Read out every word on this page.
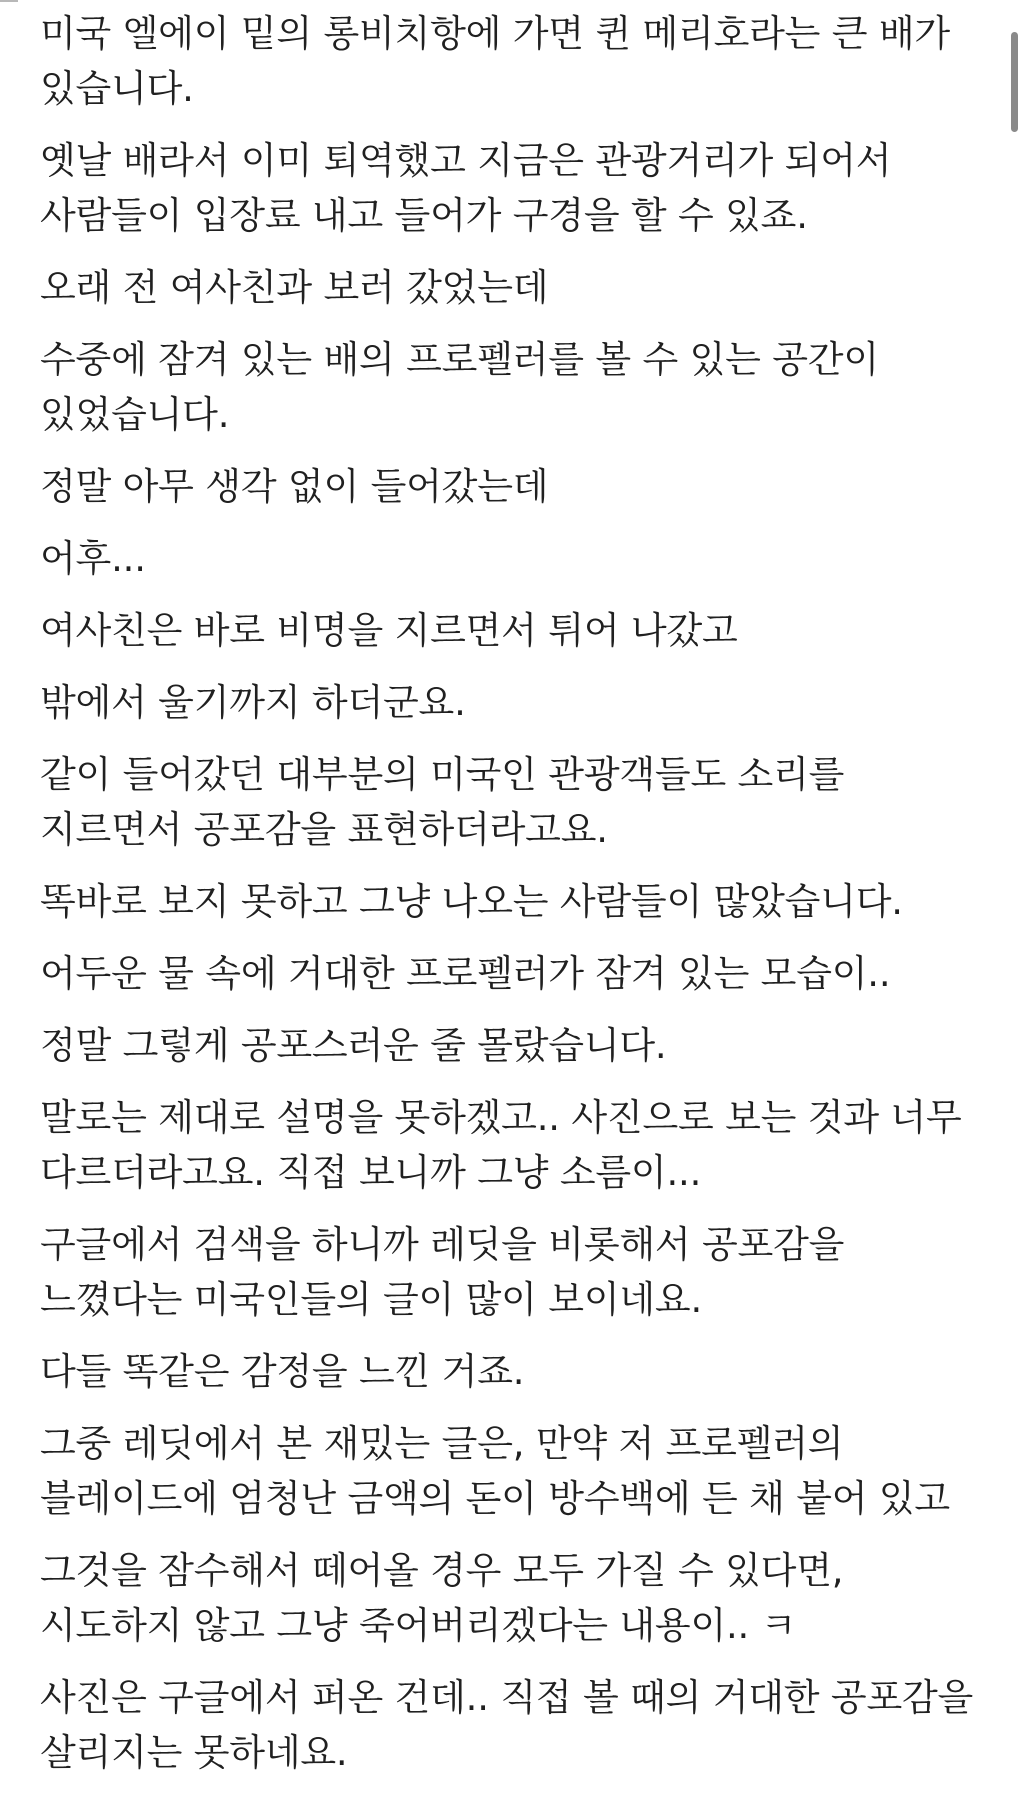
미국 엘에이 밑의 롱비치항에 가면 퀸 메리호라는 큰 배가 있습니다.

옛날 배라서 이미 퇴역했고 지금은 관광거리가 되어서 사람들이 입장료 내고 들어가 구경을 할 수 있죠.

오래 전 여사친과 보러 갔었는데

수중에 잠겨 있는 배의 프로펠러를 볼 수 있는 공간이 있었습니다.

정말 아무 생각 없이 들어갔는데

어후...

여사친은 바로 비명을 지르면서 튀어 나갔고

밖에서 울기까지 하더군요.

같이 들어갔던 대부분의 미국인 관광객들도 소리를 지르면서 공포감을 표현하더라고요.

똑바로 보지 못하고 그냥 나오는 사람들이 많았습니다.

어두운 물 속에 거대한 프로펠러가 잠겨 있는 모습이..

정말 그렇게 공포스러운 줄 몰랐습니다.

말로는 제대로 설명을 못하겠고.. 사진으로 보는 것과 너무 다르더라고요. 직접 보니까 그냥 소름이...

구글에서 검색을 하니까 레딧을 비롯해서 공포감을 느꼈다는 미국인들의 글이 많이 보이네요.

다들 똑같은 감정을 느낀 거죠.

그중 레딧에서 본 재밌는 글은, 만약 저 프로펠러의 블레이드에 엄청난 금액의 돈이 방수백에 든 채 붙어 있고

그것을 잠수해서 떼어올 경우 모두 가질 수 있다면, 시도하지 않고 그냥 죽어버리겠다는 내용이.. ㅋ

사진은 구글에서 퍼온 건데.. 직접 볼 때의 거대한 공포감을 살리지는 못하네요.
